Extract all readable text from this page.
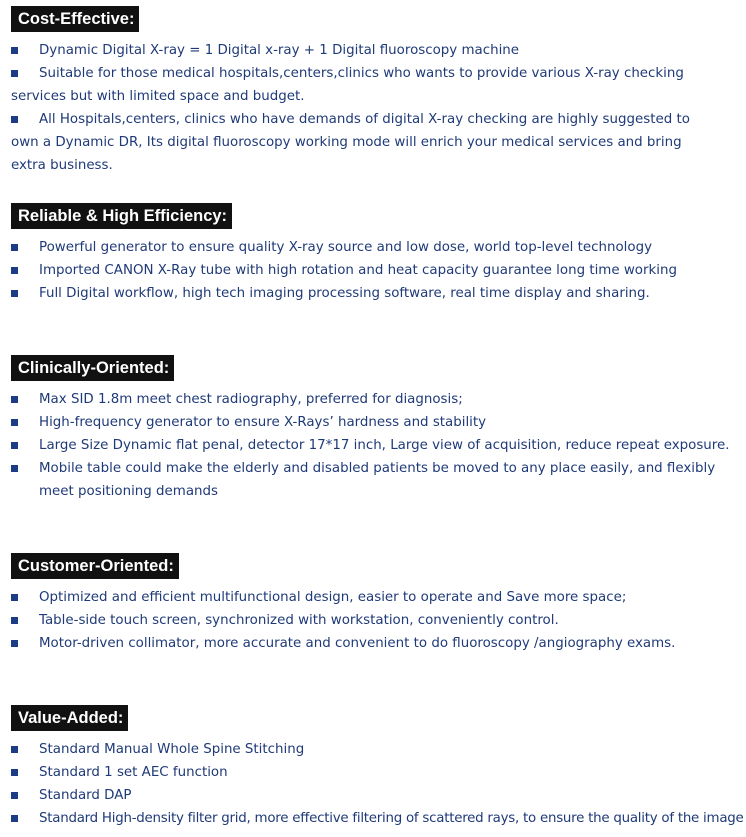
Cost-Effective:
Dynamic Digital X-ray = 1 Digital x-ray + 1 Digital fluoroscopy machine
Suitable for those medical hospitals,centers,clinics who wants to provide various X-ray checking services but with limited space and budget.
All Hospitals,centers, clinics who have demands of digital X-ray checking are highly suggested to own a Dynamic DR, Its digital fluoroscopy working mode will enrich your medical services and bring extra business.
Reliable & High Efficiency:
Powerful generator to ensure quality X-ray source and low dose, world top-level technology
Imported CANON X-Ray tube with high rotation and heat capacity guarantee long time working
Full Digital workflow, high tech imaging processing software, real time display and sharing.
Clinically-Oriented:
Max SID 1.8m meet chest radiography, preferred for diagnosis;
High-frequency generator to ensure X-Rays’ hardness and stability
Large Size Dynamic flat penal, detector 17*17 inch, Large view of acquisition, reduce repeat exposure.
Mobile table could make the elderly and disabled patients be moved to any place easily, and flexibly meet positioning demands
Customer-Oriented:
Optimized and efficient multifunctional design, easier to operate and Save more space;
Table-side touch screen, synchronized with workstation, conveniently control.
Motor-driven collimator, more accurate and convenient to do fluoroscopy /angiography exams.
Value-Added:
Standard Manual Whole Spine Stitching
Standard 1 set AEC function
Standard DAP
Standard High-density filter grid, more effective filtering of scattered rays, to ensure the quality of the image
